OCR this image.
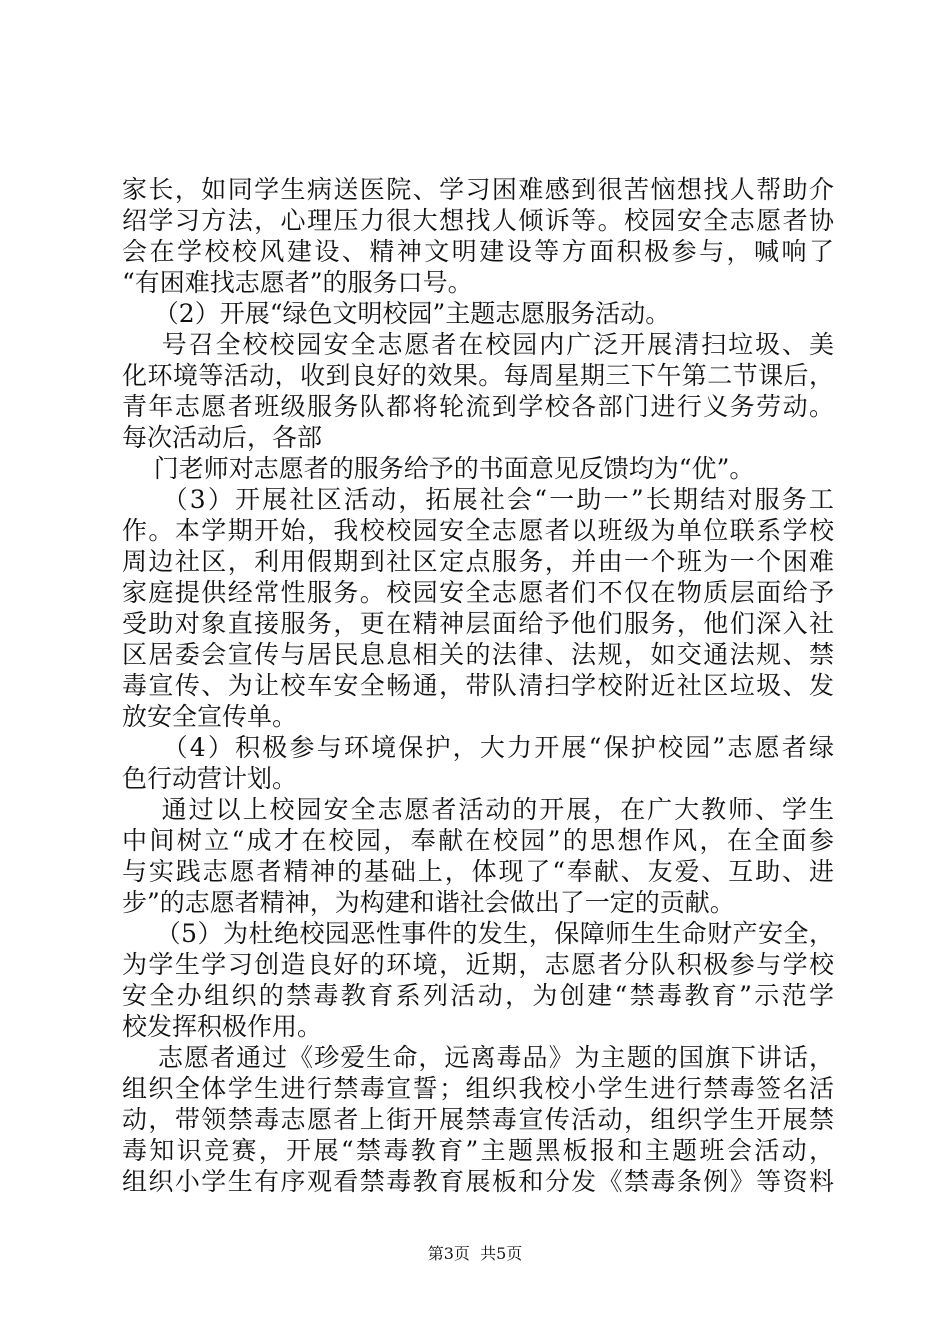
家长，如同学生病送医院、学习困难感到很苦恼想找人帮助介
绍学习方法，心理压力很大想找人倾诉等。校园安全志愿者协
会在学校校风建设、精神文明建设等方面积极参与，喊响了
“有困难找志愿者”的服务口号。
（2）开展“绿色文明校园”主题志愿服务活动。
号召全校校园安全志愿者在校园内广泛开展清扫垃圾、美
化环境等活动，收到良好的效果。每周星期三下午第二节课后，
青年志愿者班级服务队都将轮流到学校各部门进行义务劳动。
每次活动后，各部
门老师对志愿者的服务给予的书面意见反馈均为“优”。
（3）开展社区活动，拓展社会“一助一”长期结对服务工
作。本学期开始，我校校园安全志愿者以班级为单位联系学校
周边社区，利用假期到社区定点服务，并由一个班为一个困难
家庭提供经常性服务。校园安全志愿者们不仅在物质层面给予
受助对象直接服务，更在精神层面给予他们服务，他们深入社
区居委会宣传与居民息息相关的法律、法规，如交通法规、禁
毒宣传、为让校车安全畅通，带队清扫学校附近社区垃圾、发
放安全宣传单。
（4）积极参与环境保护，大力开展“保护校园”志愿者绿
色行动营计划。
通过以上校园安全志愿者活动的开展，在广大教师、学生
中间树立“成才在校园，奉献在校园”的思想作风，在全面参
与实践志愿者精神的基础上，体现了“奉献、友爱、互助、进
步”的志愿者精神，为构建和谐社会做出了一定的贡献。
（5）为杜绝校园恶性事件的发生，保障师生生命财产安全，
为学生学习创造良好的环境，近期，志愿者分队积极参与学校
安全办组织的禁毒教育系列活动，为创建“禁毒教育”示范学
校发挥积极作用。
志愿者通过《珍爱生命，远离毒品》为主题的国旗下讲话，
组织全体学生进行禁毒宣誓；组织我校小学生进行禁毒签名活
动，带领禁毒志愿者上街开展禁毒宣传活动，组织学生开展禁
毒知识竞赛，开展“禁毒教育”主题黑板报和主题班会活动，
组织小学生有序观看禁毒教育展板和分发《禁毒条例》等资料
第3页  共5页
